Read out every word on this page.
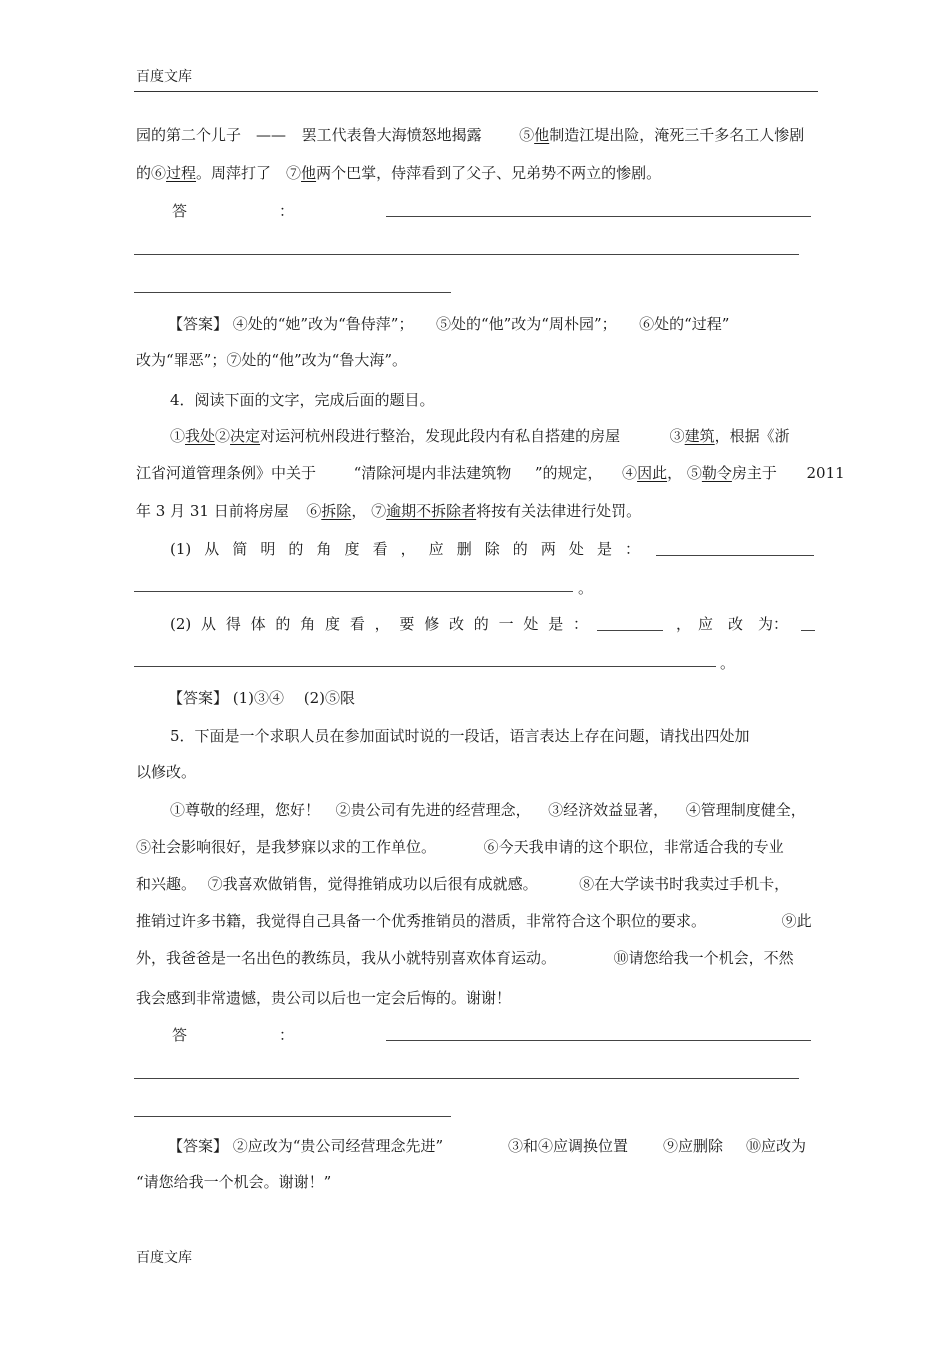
百度文库
园的第二个儿子　—— 罢工代表鲁大海愤怒地揭露	⑤他制造江堤出险，淹死三千多名工人惨剧
的⑥过程。周萍打了　⑦他两个巴掌，侍萍看到了父子、兄弟势不两立的惨剧。
答	：
【答案】 ④处的“她”改为“鲁侍萍”；　　⑤处的“他”改为“周朴园”；　　⑥处的“过程”
改为“罪恶”；⑦处的“他”改为“鲁大海”。
4．阅读下面的文字，完成后面的题目。
①我处②决定对运河杭州段进行整治，发现此段内有私自搭建的房屋	③建筑，根据《浙
江省河道管理条例》中关于	“清除河堤内非法建筑物 ”的规定， ④因此， ⑤勒令房主于 2011
年 3 月 31 日前将房屋 ⑥拆除， ⑦逾期不拆除者将按有关法律进行处罚。
(1) 从 简 明 的 角 度 看 ， 应 删 除 的 两 处 是 ：
。
(2) 从 得 体 的 角 度 看 ， 要 修 改 的 一 处 是 ：	， 应　改　为：
。
【答案】 (1)③④　 (2)⑤限
5．下面是一个求职人员在参加面试时说的一段话，语言表达上存在问题，请找出四处加
以修改。
①尊敬的经理，您好！ ②贵公司有先进的经营理念， ③经济效益显著， ④管理制度健全，
⑤社会影响很好，是我梦寐以求的工作单位。	⑥今天我申请的这个职位，非常适合我的专业
和兴趣。 ⑦我喜欢做销售，觉得推销成功以后很有成就感。	⑧在大学读书时我卖过手机卡，
推销过许多书籍，我觉得自己具备一个优秀推销员的潜质，非常符合这个职位的要求。	⑨此
外，我爸爸是一名出色的教练员，我从小就特别喜欢体育运动。	⑩请您给我一个机会，不然
我会感到非常遗憾，贵公司以后也一定会后悔的。谢谢！
答	：
【答案】 ②应改为“贵公司经营理念先进”	③和④应调换位置 ⑨应删除 ⑩应改为
“请您给我一个机会。谢谢！”
百度文库
